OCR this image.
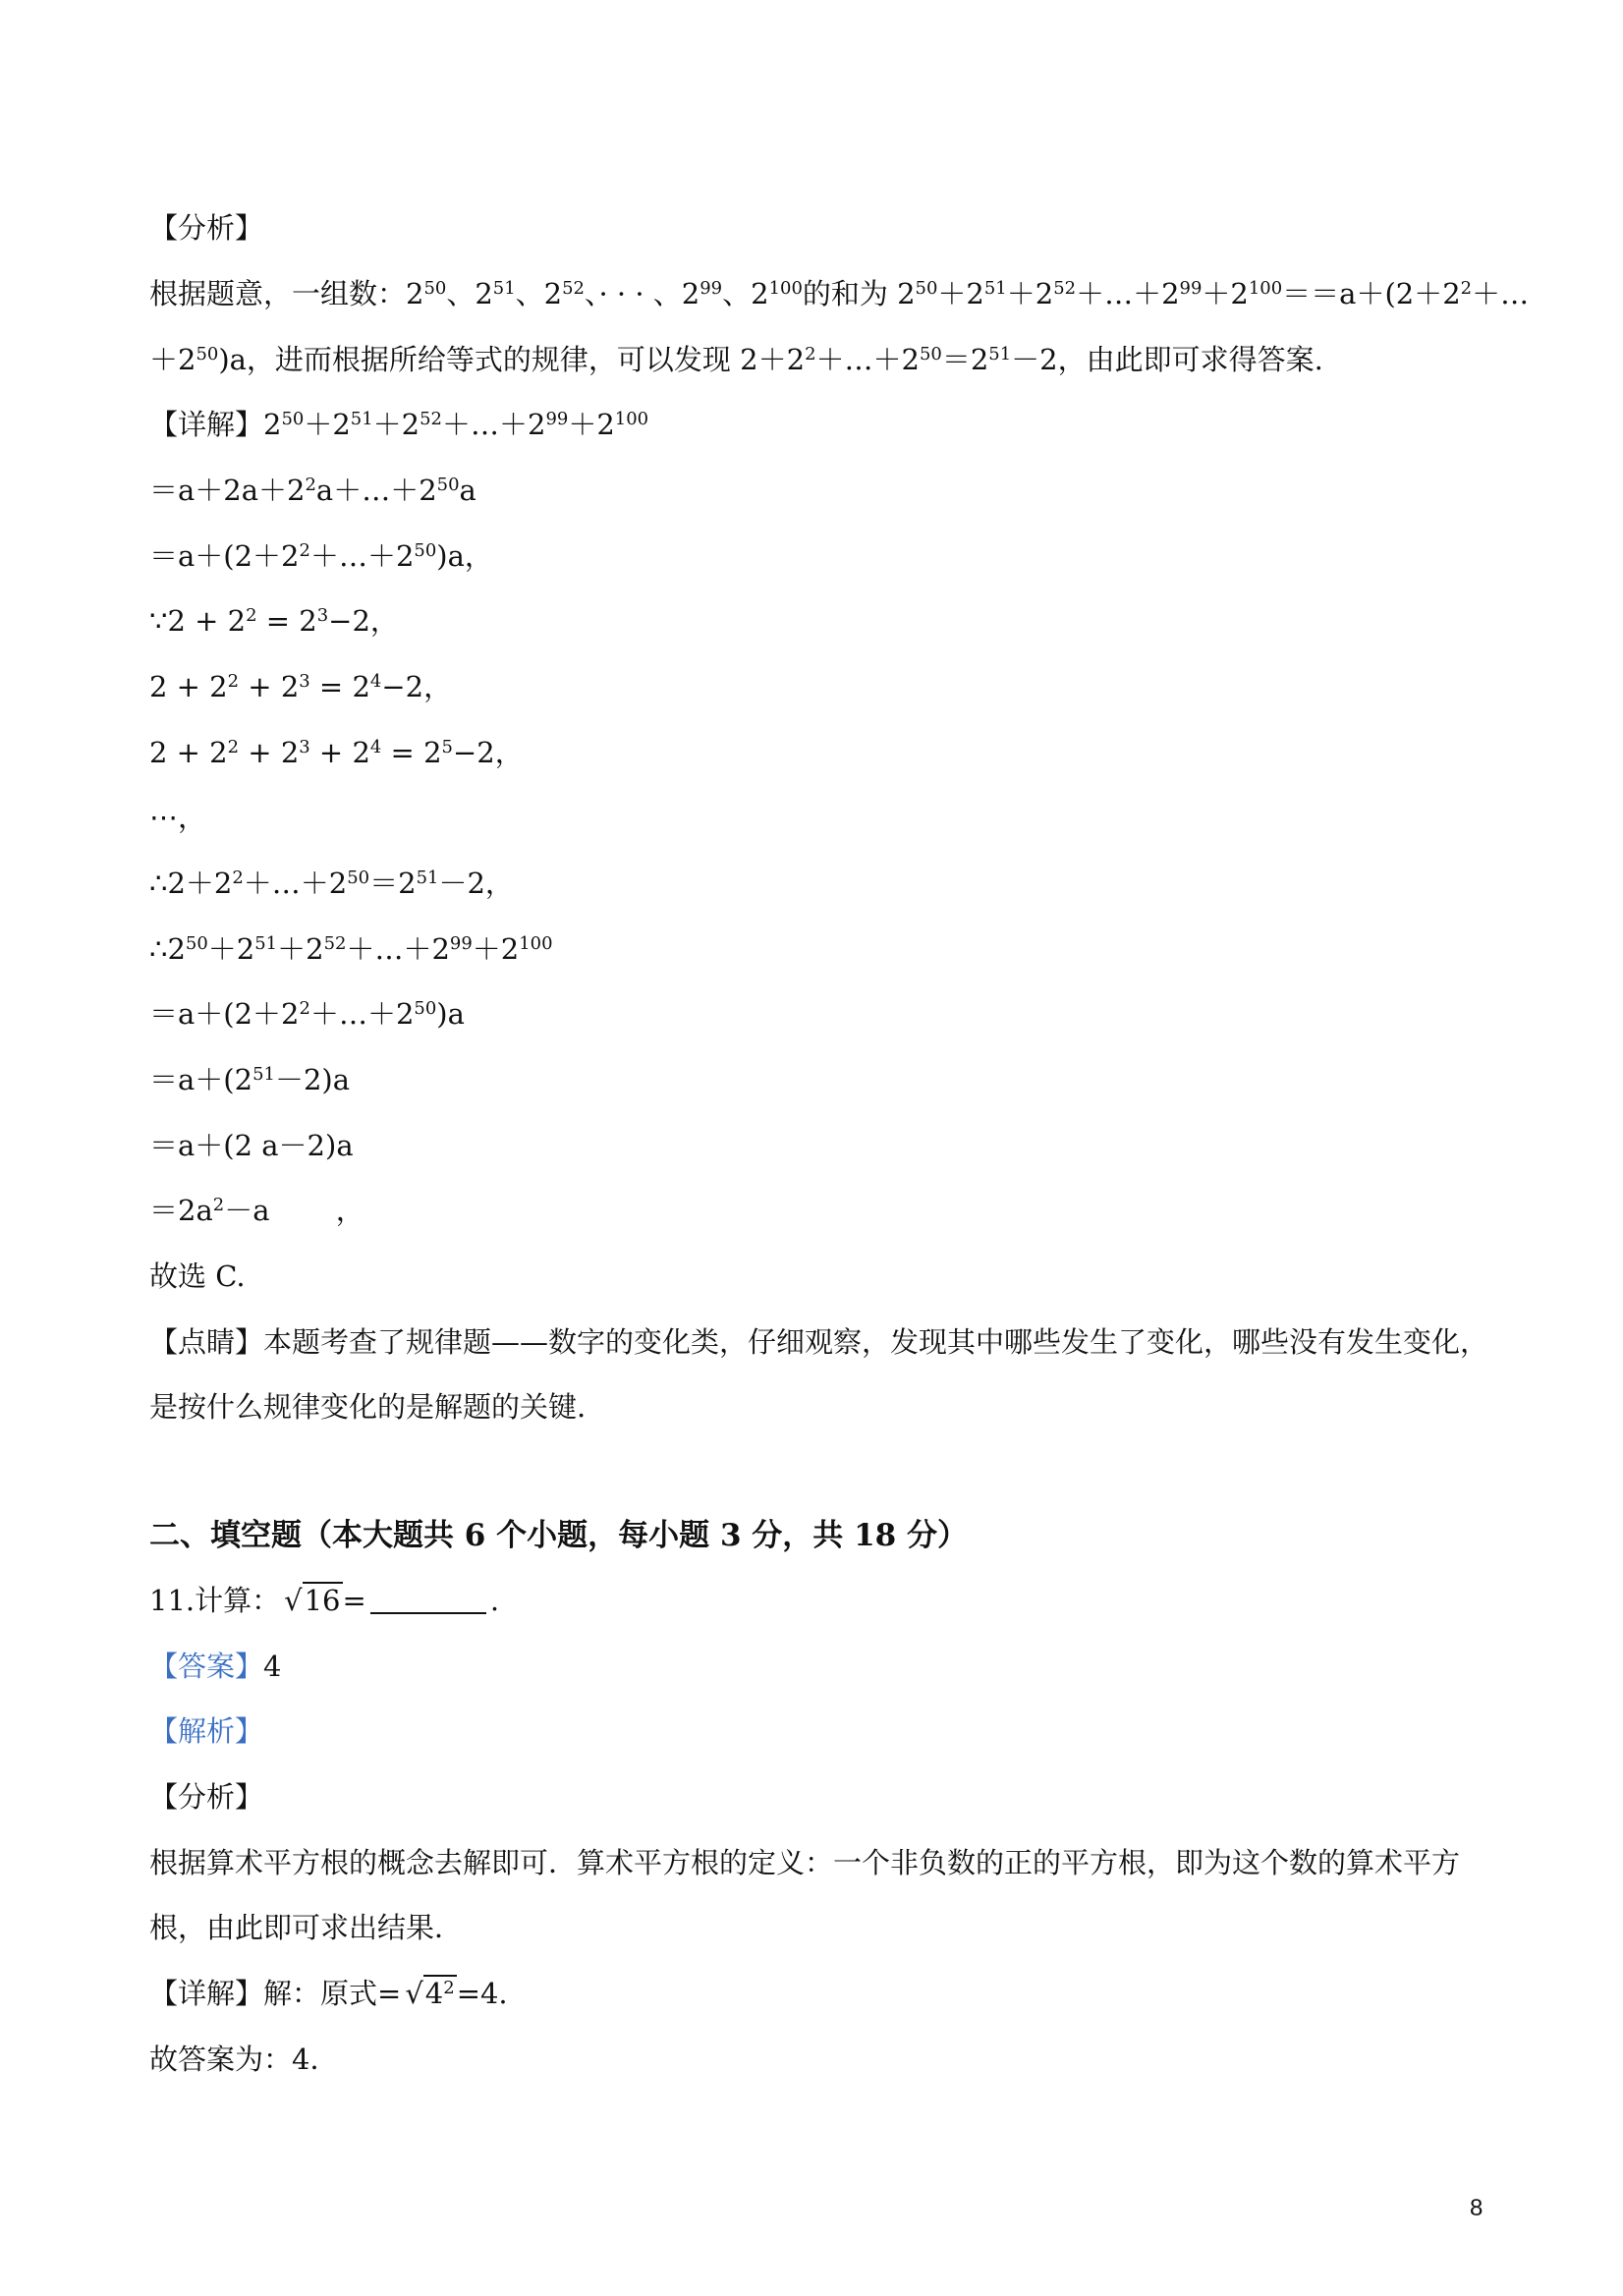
【分析】
根据题意，一组数：$2^{50}$、$2^{51}$、$2^{52}$、· · · 、$2^{99}$、$2^{100}$的和为 $2^{50}+2^{51}+2^{52}+\dots+2^{99}+2^{100}==a+(2+2^2+\dots$
$+2^{50})a$，进而根据所给等式的规律，可以发现 $2+2^2+\dots+2^{50}=2^{51}-2$，由此即可求得答案.
【详解】$2^{50}+2^{51}+2^{52}+\dots+2^{99}+2^{100}$
$=a+2a+2^2a+\dots+2^{50}a$
$=a+(2+2^2+\dots+2^{50})a$，
∵2 + $2^2 = 2^3-2$，
$2 + 2^2 + 2^3 = 2^4-2$，
$2 + 2^2 + 2^3 + 2^4 = 2^5-2$，
⋯，
$\therefore 2+2^2+\dots+2^{50}=2^{51}-2$，
$\therefore 2^{50}+2^{51}+2^{52}+\dots+2^{99}+2^{100}$
$=a+(2+2^2+\dots+2^{50})a$
$=a+(2^{51}-2)a$
＝a＋(2 a－2)a
$=2a^2-a$ 　　，
故选 C.
【点睛】本题考查了规律题——数字的变化类，仔细观察，发现其中哪些发生了变化，哪些没有发生变化，
是按什么规律变化的是解题的关键.
二、填空题（本大题共 6 个小题，每小题 3 分，共 18 分）
11.计算： √16=	.
【答案】4
【解析】
【分析】
根据算术平方根的概念去解即可．算术平方根的定义：一个非负数的正的平方根，即为这个数的算术平方
根，由此即可求出结果．
【详解】解：原式= $√4^2=4$.
故答案为：4．
8
